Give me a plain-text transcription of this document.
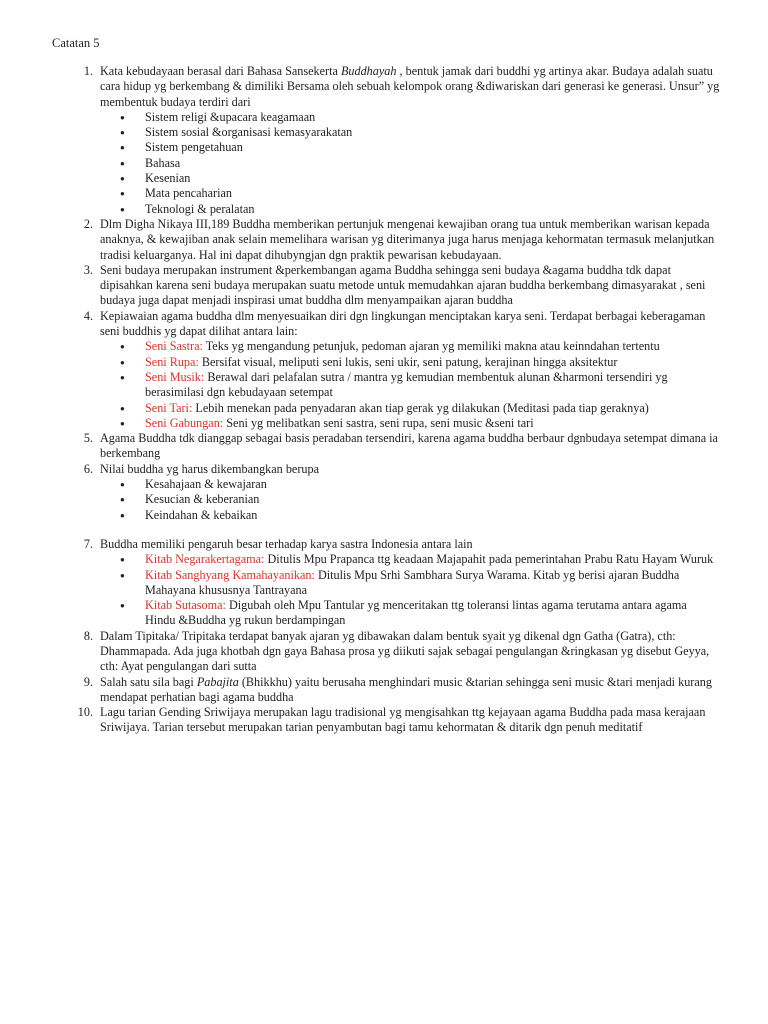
Catatan 5
1. Kata kebudayaan berasal dari Bahasa Sansekerta Buddhayah , bentuk jamak dari buddhi yg artinya akar. Budaya adalah suatu cara hidup yg berkembang & dimiliki Bersama oleh sebuah kelompok orang &diwariskan dari generasi ke generasi. Unsur” yg membentuk budaya terdiri dari
● Sistem religi &upacara keagamaan
● Sistem sosial &organisasi kemasyarakatan
● Sistem pengetahuan
● Bahasa
● Kesenian
● Mata pencaharian
● Teknologi & peralatan
2. Dlm Digha Nikaya III,189 Buddha memberikan pertunjuk mengenai kewajiban orang tua untuk memberikan warisan kepada anaknya, & kewajiban anak selain memelihara warisan yg diterimanya juga harus menjaga kehormatan termasuk melanjutkan tradisi keluarganya. Hal ini dapat dihubyngjan dgn praktik pewarisan kebudayaan.
3. Seni budaya merupakan instrument &perkembangan agama Buddha sehingga seni budaya &agama buddha tdk dapat dipisahkan karena seni budaya merupakan suatu metode untuk memudahkan ajaran buddha berkembang dimasyarakat , seni budaya juga dapat menjadi inspirasi umat buddha dlm menyampaikan ajaran buddha
4. Kepiawaian agama buddha dlm menyesuaikan diri dgn lingkungan menciptakan karya seni. Terdapat berbagai keberagaman seni buddhis yg dapat dilihat antara lain:
● Seni Sastra: Teks yg mengandung petunjuk, pedoman ajaran yg memiliki makna atau keinndahan tertentu
● Seni Rupa: Bersifat visual, meliputi seni lukis, seni ukir, seni patung, kerajinan hingga aksitektur
● Seni Musik: Berawal dari pelafalan sutra / mantra yg kemudian membentuk alunan &harmoni tersendiri yg berasimilasi dgn kebudayaan setempat
● Seni Tari: Lebih menekan pada penyadaran akan tiap gerak yg dilakukan (Meditasi pada tiap geraknya)
● Seni Gabungan: Seni yg melibatkan seni sastra, seni rupa, seni music &seni tari
5. Agama Buddha tdk dianggap sebagai basis peradaban tersendiri, karena agama buddha berbaur dgnbudaya setempat dimana ia berkembang
6. Nilai buddha yg harus dikembangkan berupa
● Kesahajaan & kewajaran
● Kesucian & keberanian
● Keindahan & kebaikan
7. Buddha memiliki pengaruh besar terhadap karya sastra Indonesia antara lain
● Kitab Negarakertagama: Ditulis Mpu Prapanca ttg keadaan Majapahit pada pemerintahan Prabu Ratu Hayam Wuruk
● Kitab Sanghyang Kamahayanikan: Ditulis Mpu Srhi Sambhara Surya Warama. Kitab yg berisi ajaran Buddha Mahayana khususnya Tantrayana
● Kitab Sutasoma: Digubah oleh Mpu Tantular yg menceritakan ttg toleransi lintas agama terutama antara agama Hindu &Buddha yg rukun berdampingan
8. Dalam Tipitaka/ Tripitaka terdapat banyak ajaran yg dibawakan dalam bentuk syait yg dikenal dgn Gatha (Gatra), cth: Dhammapada. Ada juga khotbah dgn gaya Bahasa prosa yg diikuti sajak sebagai pengulangan &ringkasan yg disebut Geyya, cth: Ayat pengulangan dari sutta
9. Salah satu sila bagi Pabajita (Bhikkhu) yaitu berusaha menghindari music &tarian sehingga seni music &tari menjadi kurang mendapat perhatian bagi agama buddha
10. Lagu tarian Gending Sriwijaya merupakan lagu tradisional yg mengisahkan ttg kejayaan agama Buddha pada masa kerajaan Sriwijaya. Tarian tersebut merupakan tarian penyambutan bagi tamu kehormatan & ditarik dgn penuh meditatif
